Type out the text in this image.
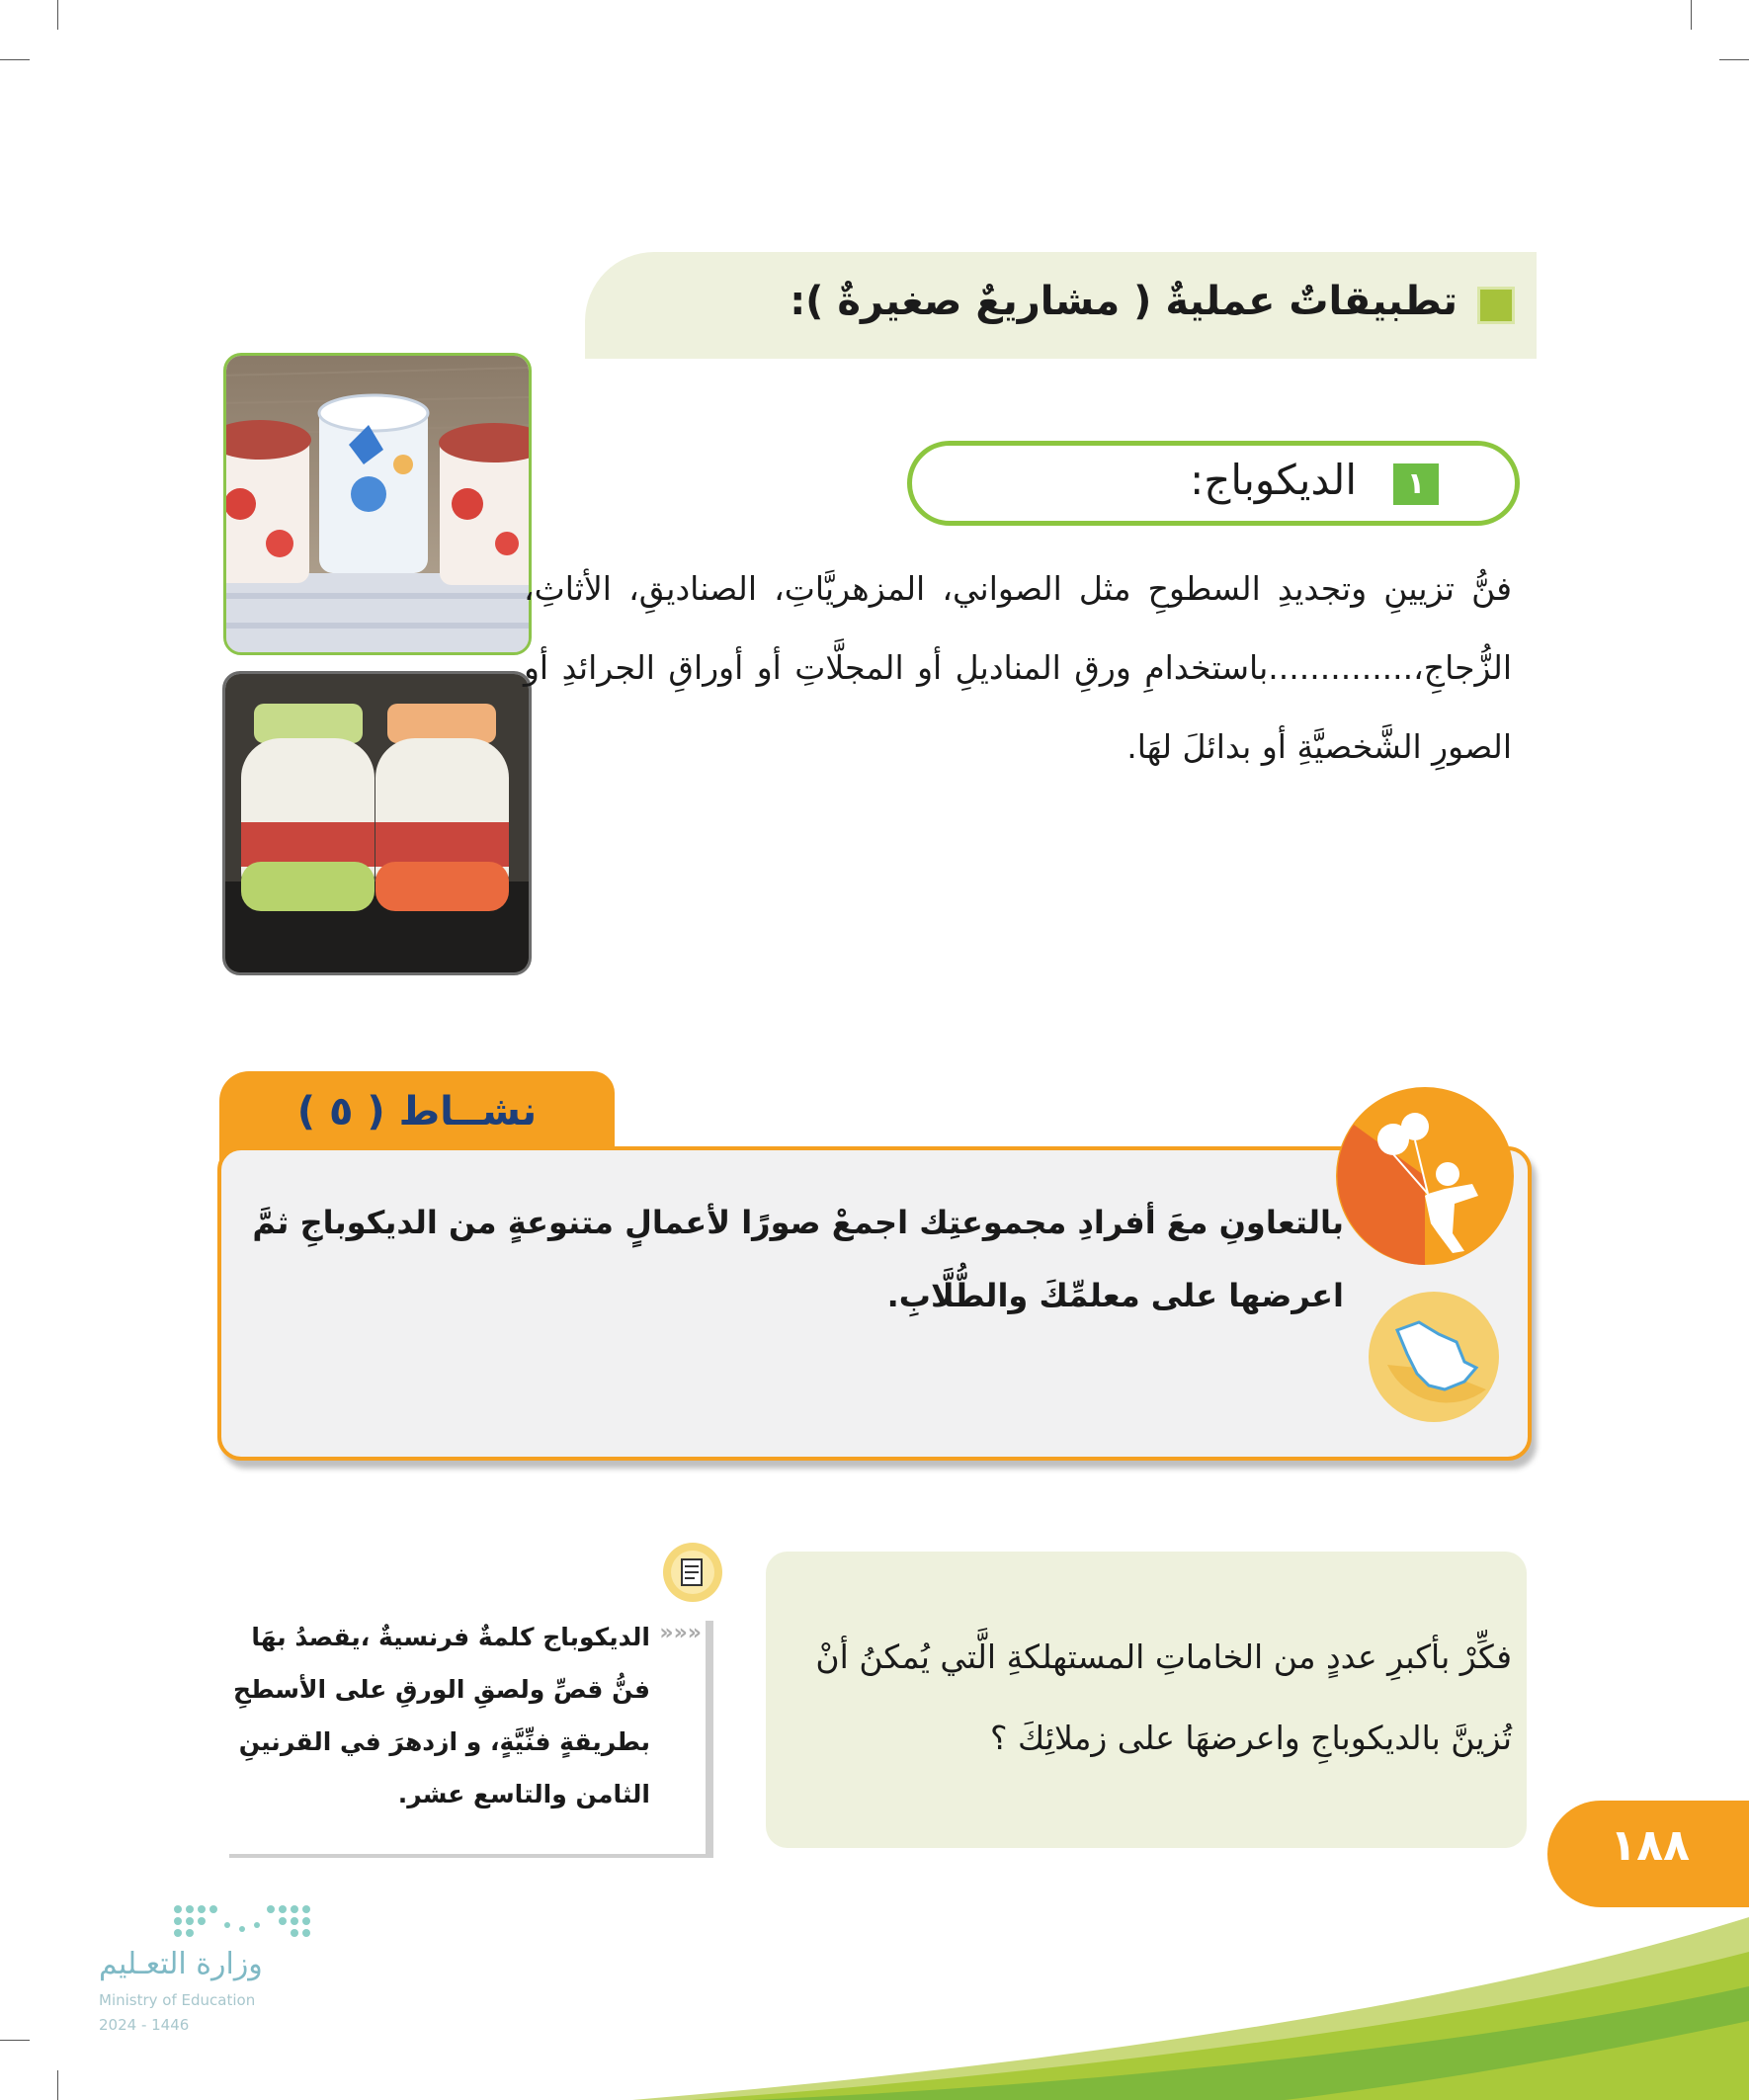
تطبيقاتٌ عمليةٌ ( مشاريعٌ صغيرةٌ ):
١
الديكوباج:
فنُّ تزيينِ وتجديدِ السطوحِ مثل الصواني، المزهريَّاتِ، الصناديقِ، الأثاثِ، الزُّجاجِ،..............باستخدامِ ورقِ المناديلِ أو المجلَّاتِ أو أوراقِ الجرائدِ أو الصورِ الشَّخصيَّةِ أو بدائلَ لهَا.
نشــاط ( ٥ )
بالتعاونِ معَ أفرادِ مجموعتِك اجمعْ صورًا لأعمالٍ متنوعةٍ من الديكوباجِ ثمَّ اعرضها على معلمِّكَ والطُّلَّابِ.
فكِّرْ بأكبرِ عددٍ من الخاماتِ المستهلكةِ الَّتي يُمكنُ أنْ تُزينَّ بالديكوباجِ واعرضهَا على زملائِكَ ؟
«««
الديكوباج كلمةٌ فرنسيةٌ ،يقصدُ بهَا فنُّ قصِّ ولصقِ الورقِ على الأسطحِ بطريقةٍ فنِّيَّةٍ، و ازدهرَ في القرنينِ الثامن والتاسع عشر.
١٨٨
وزارة التعـليم
Ministry of Education
2024 - 1446
